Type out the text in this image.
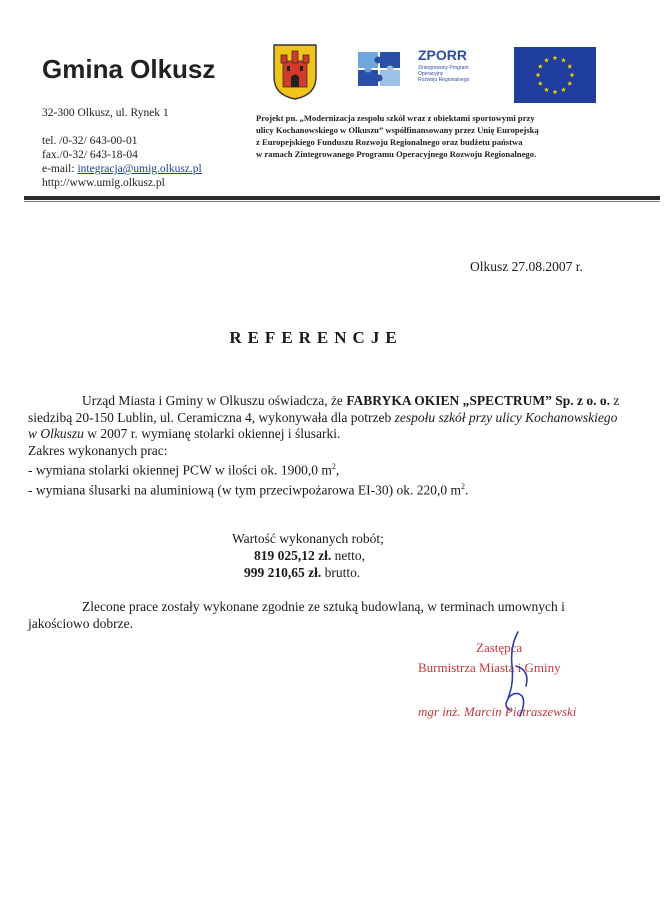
Gmina Olkusz
32-300 Olkusz, ul. Rynek 1
tel. /0-32/ 643-00-01
fax./0-32/ 643-18-04
e-mail: integracja@umig.olkusz.pl
http://www.umig.olkusz.pl
ZPORR
Zintegrowany Program
Operacyjny
Rozwoju Regionalnego
Projekt pn. „Modernizacja zespołu szkół wraz z obiektami sportowymi przy
ulicy Kochanowskiego w Olkuszu” współfinansowany przez Unię Europejską
z Europejskiego Funduszu Rozwoju Regionalnego oraz budżetu państwa
w ramach Zintegrowanego Programu Operacyjnego Rozwoju Regionalnego.
Olkusz 27.08.2007 r.
REFERENCJE
Urząd Miasta i Gminy w Olkuszu oświadcza, że FABRYKA OKIEN „SPECTRUM” Sp. z o. o. z siedzibą 20-150 Lublin, ul. Ceramiczna 4, wykonywała dla potrzeb zespołu szkół przy ulicy Kochanowskiego w Olkuszu w 2007 r. wymianę stolarki okiennej i ślusarki.
Zakres wykonanych prac:
- wymiana stolarki okiennej PCW w ilości ok. 1900,0 $m^2$,
- wymiana ślusarki na aluminiową (w tym przeciwpożarowa EI-30) ok. 220,0 $m^2$.
Wartość wykonanych robót;
819 025,12 zł. netto,
999 210,65 zł. brutto.
Zlecone prace zostały wykonane zgodnie ze sztuką budowlaną, w terminach umownych i jakościowo dobrze.
Zastępca
Burmistrza Miasta i Gminy
mgr inż. Marcin Pietraszewski
